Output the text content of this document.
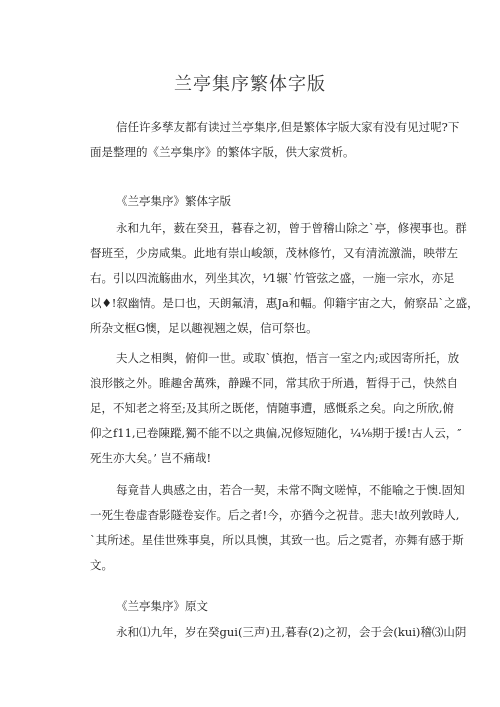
兰亭集序繁体字版
信任许多孳友都有读过兰亭集序,但是繁体字版大家有没有见过呢?下
面是整理的《兰亭集序》的繁体字版，供大家赏析。
《兰亭集序》繁体字版
永和九年，薮在癸丑，暮春之初，曾于曾稽山除之`亭，修禊事也。群
督班至，少房咸集。此地有崇山峻颔，茂林修竹，又有清流激湍，映带左
右。引以四流觞曲水，列坐其次，⅟1辗`竹管弦之盛，一施一宗水，亦足
以♦!叙幽情。是口也，天朗氟清，惠Ja和輻。仰籍宇宙之大，俯察品`之盛，
所杂文框G懊，足以趣视翘之娱，信可祭也。
夫人之相舆，俯仰一世。或取`慎抱，悟言一室之内;或因寄所托，放
浪形骸之外。睢趣舍萬殊，静躁不同，常其欣于所過，暂得于己，快然自
足，不知老之将至;及其所之既佬，情随事遭，感慨系之矣。向之所欣,俯
仰之f11,已卷陳蹤,獨不能不以之典偏,况修短随化，¼⅛期于援!古人云，″
死生亦大矣。’ 岂不痛哉!
每竟昔人典感之由，若合一契，未常不陶文嗟悼，不能喻之于懊.固知
一死生卷虚杳影隧卷妄作。后之者!今，亦猶今之祝昔。悲夫!故列敦時人,
`其所述。星佳世殊事臭，所以具懊，其致一也。后之霓者，亦舞有感于斯
文。
《兰亭集序》原文
永和⑴九年，岁在癸gui(三声)丑,暮春(2)之初，会于会(kui)稽⑶山阴
